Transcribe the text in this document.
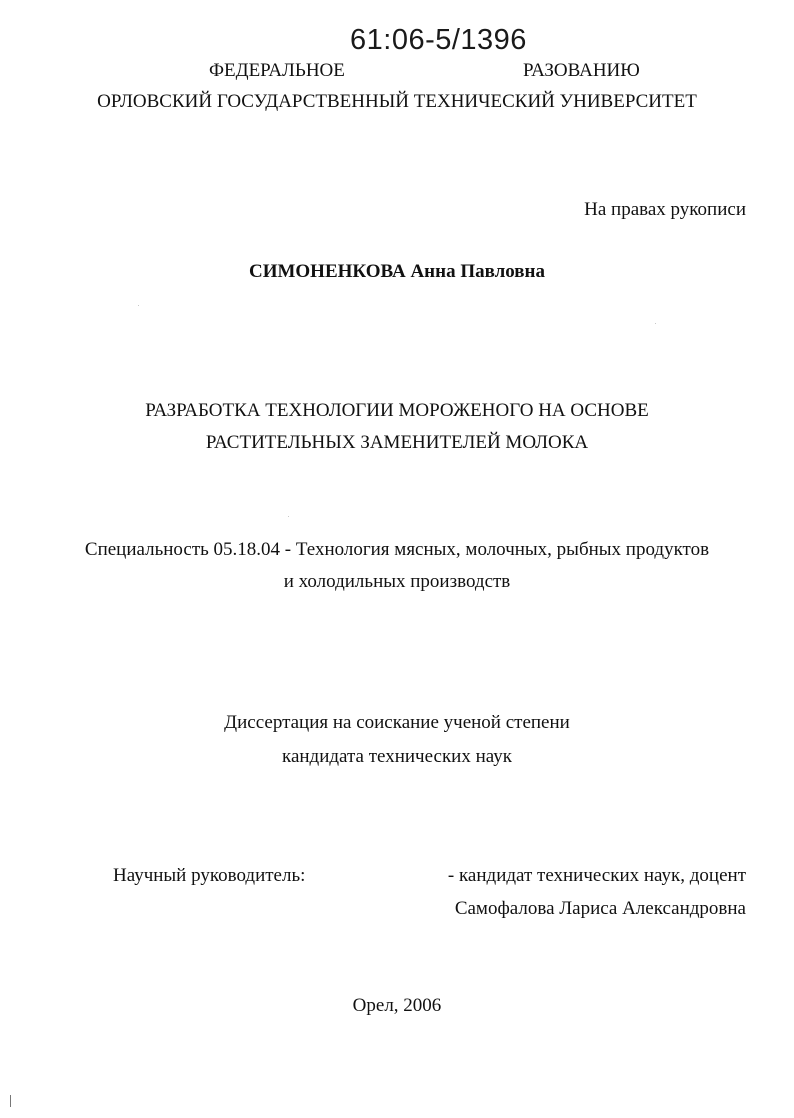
61:06-5/1396
ФЕДЕРАЛЬНОЕ	РАЗОВАНИЮ
ОРЛОВСКИЙ ГОСУДАРСТВЕННЫЙ ТЕХНИЧЕСКИЙ УНИВЕРСИТЕТ
На правах рукописи
СИМОНЕНКОВА Анна Павловна
РАЗРАБОТКА ТЕХНОЛОГИИ МОРОЖЕНОГО НА ОСНОВЕ
РАСТИТЕЛЬНЫХ ЗАМЕНИТЕЛЕЙ МОЛОКА
Специальность 05.18.04 - Технология мясных, молочных, рыбных продуктов
и холодильных производств
Диссертация на соискание ученой степени
кандидата технических наук
Научный руководитель:	- кандидат технических наук, доцент
Самофалова Лариса Александровна
Орел, 2006
